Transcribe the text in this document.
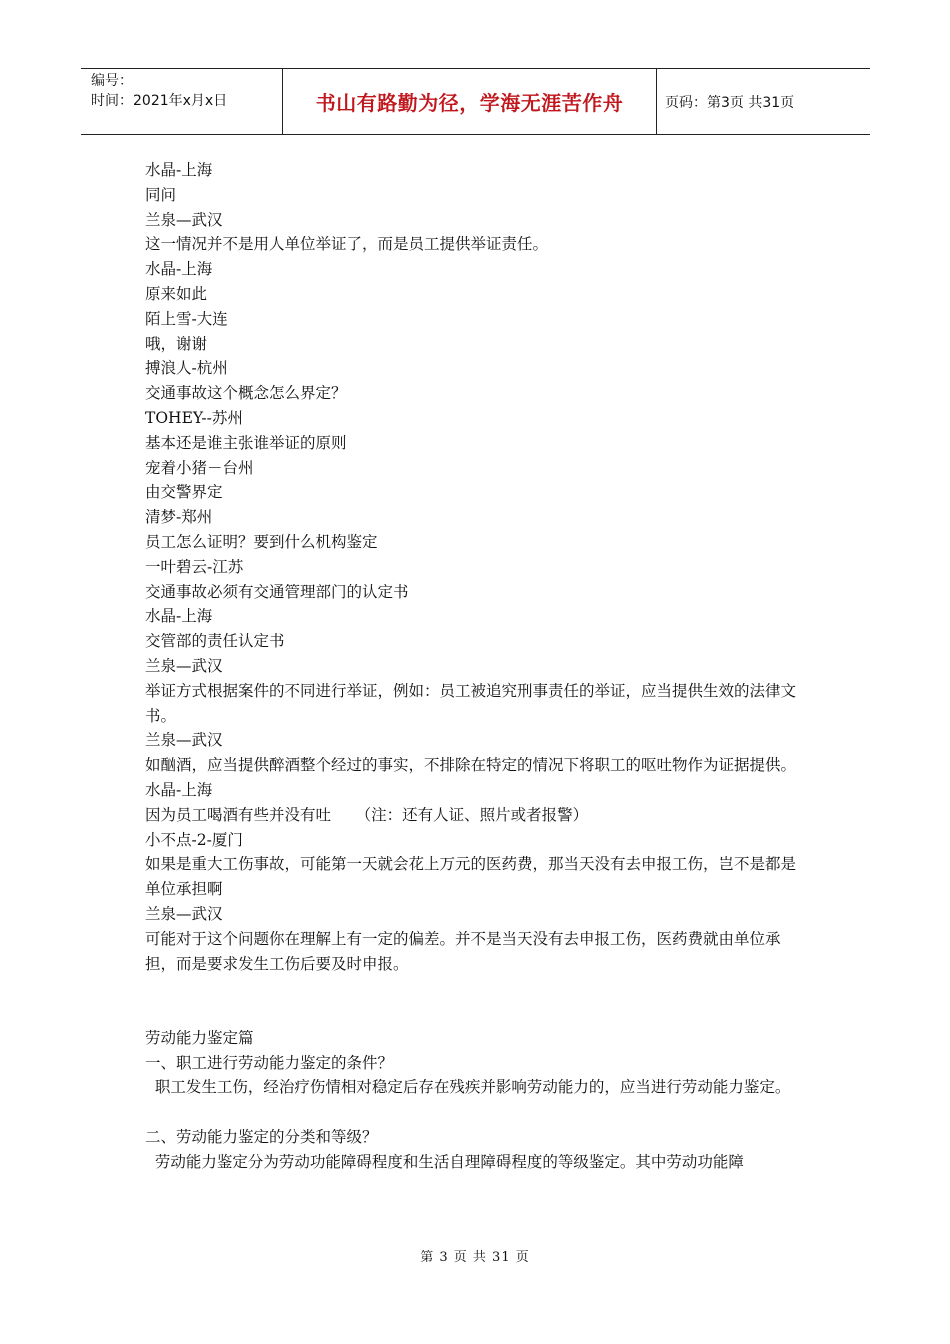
编号：
时间：2021年x月x日	书山有路勤为径，学海无涯苦作舟	页码：第3页 共31页

水晶-上海

同问

兰泉—武汉

这一情况并不是用人单位举证了，而是员工提供举证责任。

水晶-上海

原来如此

陌上雪-大连

哦，谢谢

搏浪人-杭州

交通事故这个概念怎么界定？

TOHEY--苏州

基本还是谁主张谁举证的原则

宠着小猪－台州

由交警界定

清梦-郑州

员工怎么证明？要到什么机构鉴定

一叶碧云-江苏

交通事故必须有交通管理部门的认定书

水晶-上海

交管部的责任认定书

兰泉—武汉

举证方式根据案件的不同进行举证，例如：员工被追究刑事责任的举证，应当提供生效的法律文书。

兰泉—武汉

如酗酒，应当提供醉酒整个经过的事实，不排除在特定的情况下将职工的呕吐物作为证据提供。

水晶-上海

因为员工喝酒有些并没有吐     （注：还有人证、照片或者报警）

小不点-2-厦门

如果是重大工伤事故，可能第一天就会花上万元的医药费，那当天没有去申报工伤，岂不是都是单位承担啊

兰泉—武汉

可能对于这个问题你在理解上有一定的偏差。并不是当天没有去申报工伤，医药费就由单位承担，而是要求发生工伤后要及时申报。

劳动能力鉴定篇

一、职工进行劳动能力鉴定的条件？

职工发生工伤，经治疗伤情相对稳定后存在残疾并影响劳动能力的，应当进行劳动能力鉴定。

二、劳动能力鉴定的分类和等级？

劳动能力鉴定分为劳动功能障碍程度和生活自理障碍程度的等级鉴定。其中劳动功能障

第 3 页 共 31 页
